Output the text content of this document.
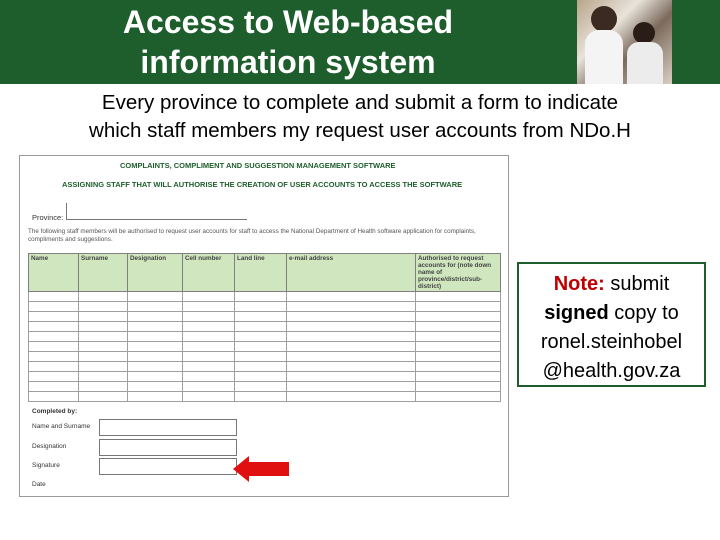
Access to Web-based
information system
Every province to complete and submit a form to indicate
which staff members my request user accounts from NDo.H
COMPLAINTS, COMPLIMENT AND SUGGESTION MANAGEMENT SOFTWARE
ASSIGNING STAFF THAT WILL AUTHORISE THE CREATION OF USER ACCOUNTS TO ACCESS THE SOFTWARE
Province:
The following staff members will be authorised to request user accounts for staff to access the National Department of Health software application for complaints, compliments and suggestions.
Name	Surname	Designation	Cell number	Land line	e-mail address	Authorised to request accounts for (note down name of province/district/sub-district)

Completed by:
Name and Surname
Designation
Signature
Date
Note: submit
signed copy to
ronel.steinhobel
@health.gov.za
